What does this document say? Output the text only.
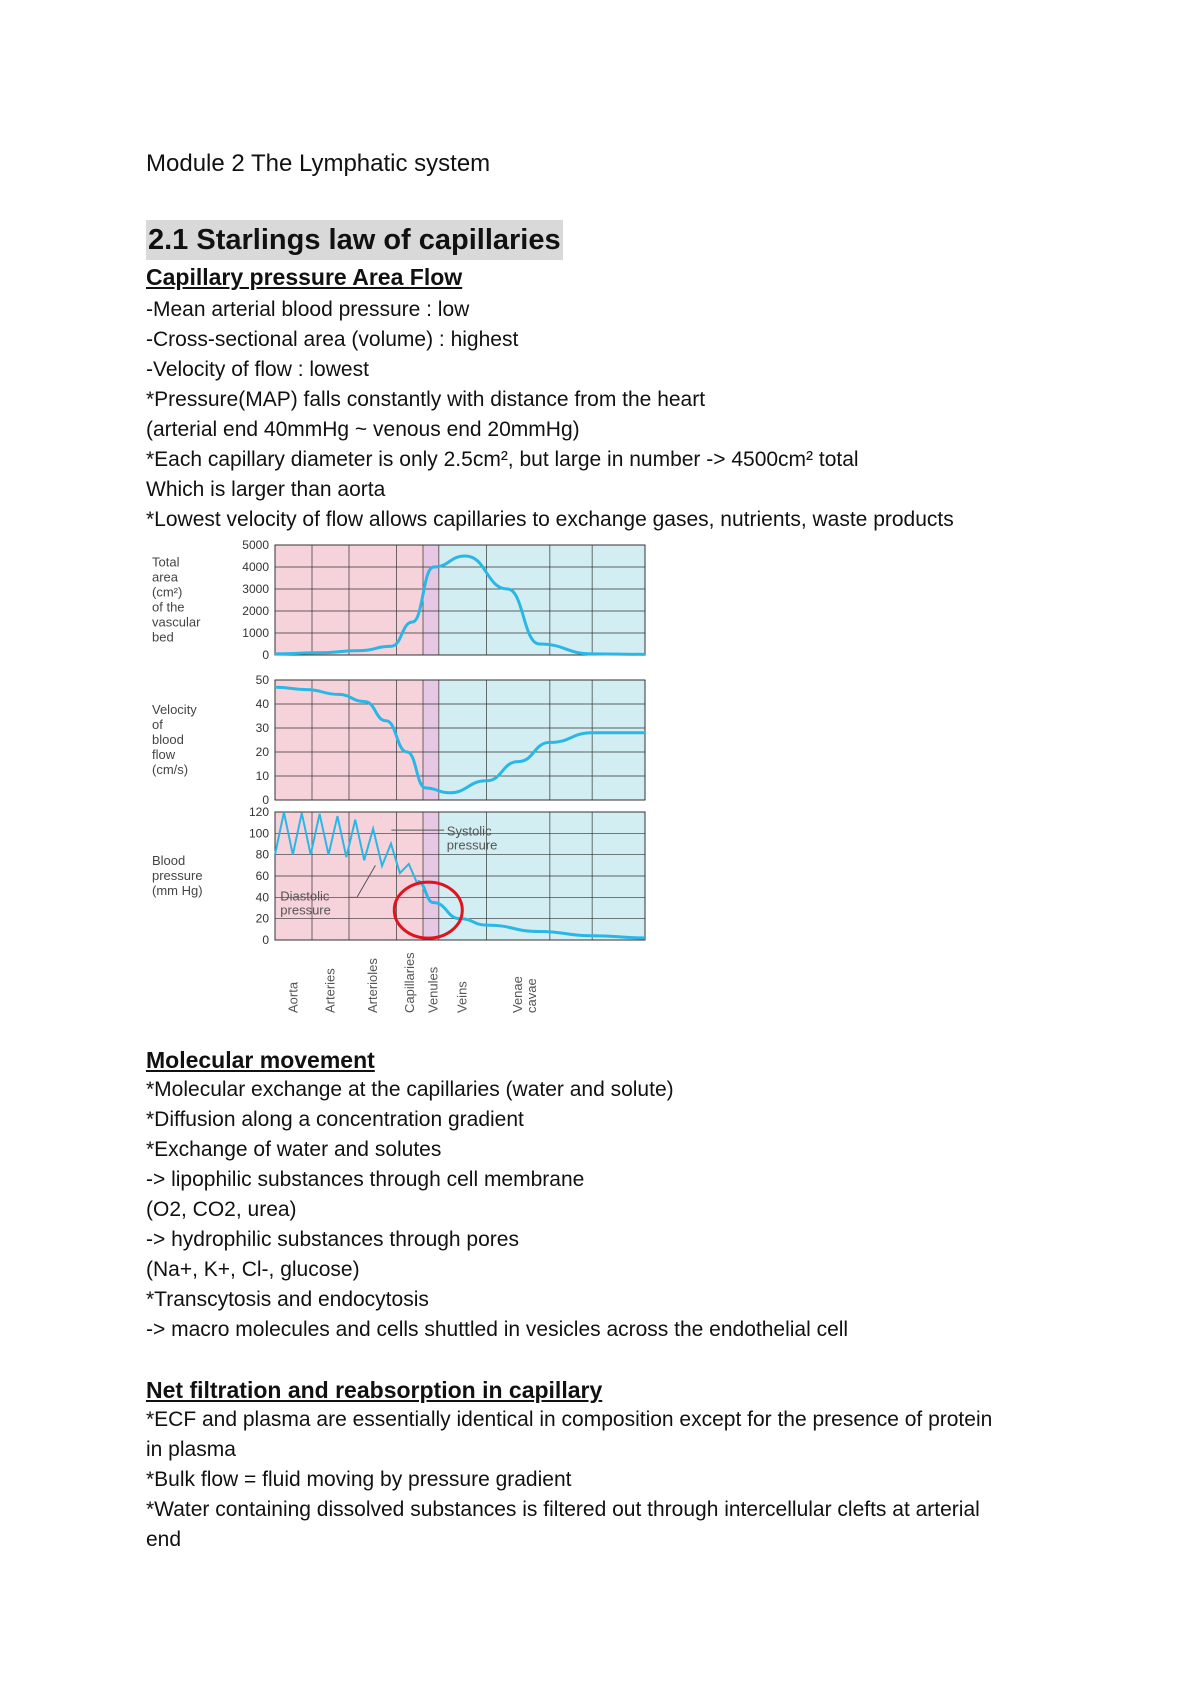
Module 2 The Lymphatic system

2.1 Starlings law of capillaries

Capillary pressure Area Flow

-Mean arterial blood pressure : low

-Cross-sectional area (volume) : highest

-Velocity of flow : lowest

*Pressure(MAP) falls constantly with distance from the heart

(arterial end 40mmHg ~ venous end 20mmHg)

*Each capillary diameter is only 2.5cm², but large in number -> 4500cm² total

Which is larger than aorta

*Lowest velocity of flow allows capillaries to exchange gases, nutrients, waste products

0
1000
2000
3000
4000
5000
Total
area
(cm²)
of the
vascular
bed
0
10
20
30
40
50
Velocity
of
blood
flow
(cm/s)
0
20
40
60
80
100
120
Blood
pressure
(mm Hg)
Systolic
pressure
Diastolic
pressure
Aorta Arteries Arterioles Capillaries Venules Veins	Venae cavae

Molecular movement

*Molecular exchange at the capillaries (water and solute)

*Diffusion along a concentration gradient

*Exchange of water and solutes

-> lipophilic substances through cell membrane

(O2, CO2, urea)

-> hydrophilic substances through pores

(Na+, K+, Cl-, glucose)

*Transcytosis and endocytosis

-> macro molecules and cells shuttled in vesicles across the endothelial cell

Net filtration and reabsorption in capillary

*ECF and plasma are essentially identical in composition except for the presence of protein

in plasma

*Bulk flow = fluid moving by pressure gradient

*Water containing dissolved substances is filtered out through intercellular clefts at arterial

end
